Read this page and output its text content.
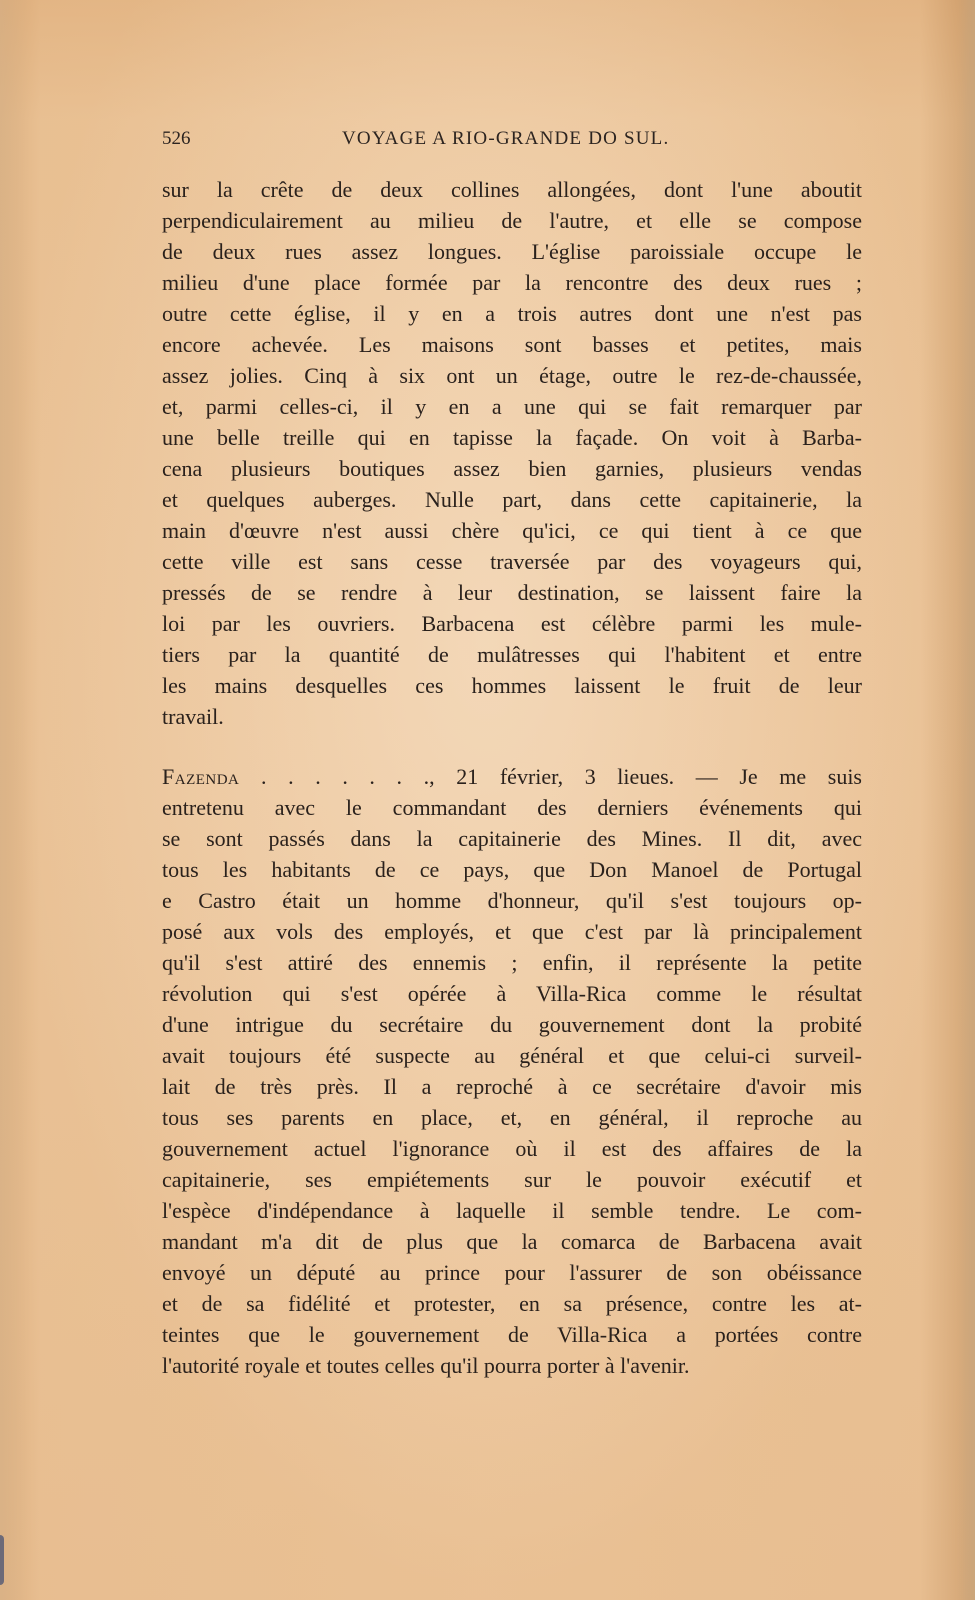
526	VOYAGE A RIO-GRANDE DO SUL.
sur la crête de deux collines allongées, dont l'une aboutit
perpendiculairement au milieu de l'autre, et elle se compose
de deux rues assez longues. L'église paroissiale occupe le
milieu d'une place formée par la rencontre des deux rues ;
outre cette église, il y en a trois autres dont une n'est pas
encore achevée. Les maisons sont basses et petites, mais
assez jolies. Cinq à six ont un étage, outre le rez-de-chaussée,
et, parmi celles-ci, il y en a une qui se fait remarquer par
une belle treille qui en tapisse la façade. On voit à Barba-
cena plusieurs boutiques assez bien garnies, plusieurs vendas
et quelques auberges. Nulle part, dans cette capitainerie, la
main d'œuvre n'est aussi chère qu'ici, ce qui tient à ce que
cette ville est sans cesse traversée par des voyageurs qui,
pressés de se rendre à leur destination, se laissent faire la
loi par les ouvriers. Barbacena est célèbre parmi les mule-
tiers par la quantité de mulâtresses qui l'habitent et entre
les mains desquelles ces hommes laissent le fruit de leur
travail.
Fazenda . . . . . . ., 21 février, 3 lieues. — Je me suis
entretenu avec le commandant des derniers événements qui
se sont passés dans la capitainerie des Mines. Il dit, avec
tous les habitants de ce pays, que Don Manoel de Portugal
e Castro était un homme d'honneur, qu'il s'est toujours op-
posé aux vols des employés, et que c'est par là principalement
qu'il s'est attiré des ennemis ; enfin, il représente la petite
révolution qui s'est opérée à Villa-Rica comme le résultat
d'une intrigue du secrétaire du gouvernement dont la probité
avait toujours été suspecte au général et que celui-ci surveil-
lait de très près. Il a reproché à ce secrétaire d'avoir mis
tous ses parents en place, et, en général, il reproche au
gouvernement actuel l'ignorance où il est des affaires de la
capitainerie, ses empiétements sur le pouvoir exécutif et
l'espèce d'indépendance à laquelle il semble tendre. Le com-
mandant m'a dit de plus que la comarca de Barbacena avait
envoyé un député au prince pour l'assurer de son obéissance
et de sa fidélité et protester, en sa présence, contre les at-
teintes que le gouvernement de Villa-Rica a portées contre
l'autorité royale et toutes celles qu'il pourra porter à l'avenir.
